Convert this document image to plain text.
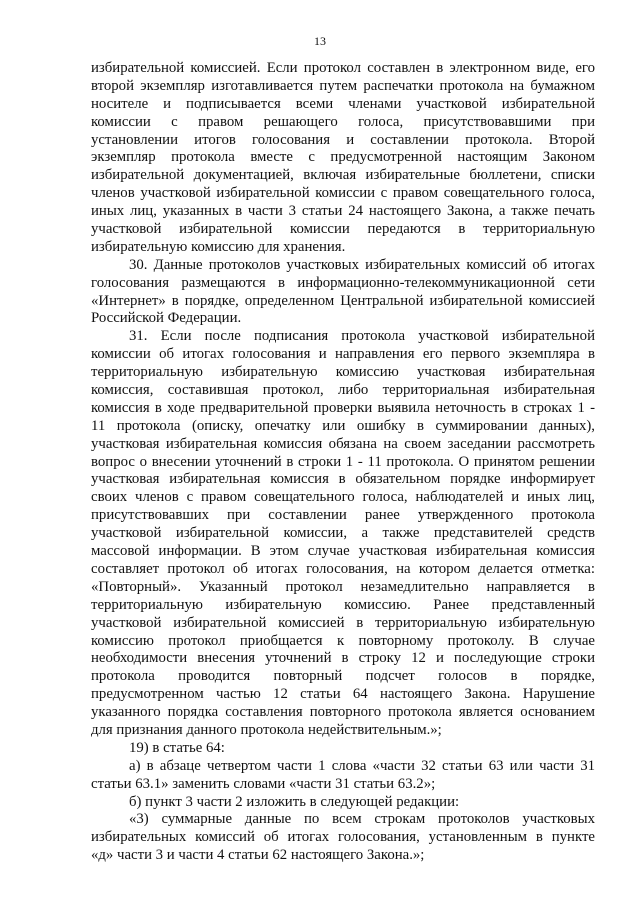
13
избирательной комиссией. Если протокол составлен в электронном виде, его
второй экземпляр изготавливается путем распечатки протокола на бумажном
носителе и подписывается всеми членами участковой избирательной
комиссии с правом решающего голоса, присутствовавшими при
установлении итогов голосования и составлении протокола. Второй
экземпляр протокола вместе с предусмотренной настоящим Законом
избирательной документацией, включая избирательные бюллетени, списки
членов участковой избирательной комиссии с правом совещательного голоса,
иных лиц, указанных в части 3 статьи 24 настоящего Закона, а также печать
участковой избирательной комиссии передаются в территориальную
избирательную комиссию для хранения.
30. Данные протоколов участковых избирательных комиссий об итогах
голосования размещаются в информационно-телекоммуникационной сети
«Интернет» в порядке, определенном Центральной избирательной комиссией
Российской Федерации.
31. Если после подписания протокола участковой избирательной
комиссии об итогах голосования и направления его первого экземпляра в
территориальную избирательную комиссию участковая избирательная
комиссия, составившая протокол, либо территориальная избирательная
комиссия в ходе предварительной проверки выявила неточность в строках 1 -
11 протокола (описку, опечатку или ошибку в суммировании данных),
участковая избирательная комиссия обязана на своем заседании рассмотреть
вопрос о внесении уточнений в строки 1 - 11 протокола. О принятом решении
участковая избирательная комиссия в обязательном порядке информирует
своих членов с правом совещательного голоса, наблюдателей и иных лиц,
присутствовавших при составлении ранее утвержденного протокола
участковой избирательной комиссии, а также представителей средств
массовой информации. В этом случае участковая избирательная комиссия
составляет протокол об итогах голосования, на котором делается отметка:
«Повторный». Указанный протокол незамедлительно направляется в
территориальную избирательную комиссию. Ранее представленный
участковой избирательной комиссией в территориальную избирательную
комиссию протокол приобщается к повторному протоколу. В случае
необходимости внесения уточнений в строку 12 и последующие строки
протокола проводится повторный подсчет голосов в порядке,
предусмотренном частью 12 статьи 64 настоящего Закона. Нарушение
указанного порядка составления повторного протокола является основанием
для признания данного протокола недействительным.»;
19) в статье 64:
а) в абзаце четвертом части 1 слова «части 32 статьи 63 или части 31
статьи 63.1» заменить словами «части 31 статьи 63.2»;
б) пункт 3 части 2 изложить в следующей редакции:
«3) суммарные данные по всем строкам протоколов участковых
избирательных комиссий об итогах голосования, установленным в пункте
«д» части 3 и части 4 статьи 62 настоящего Закона.»;
